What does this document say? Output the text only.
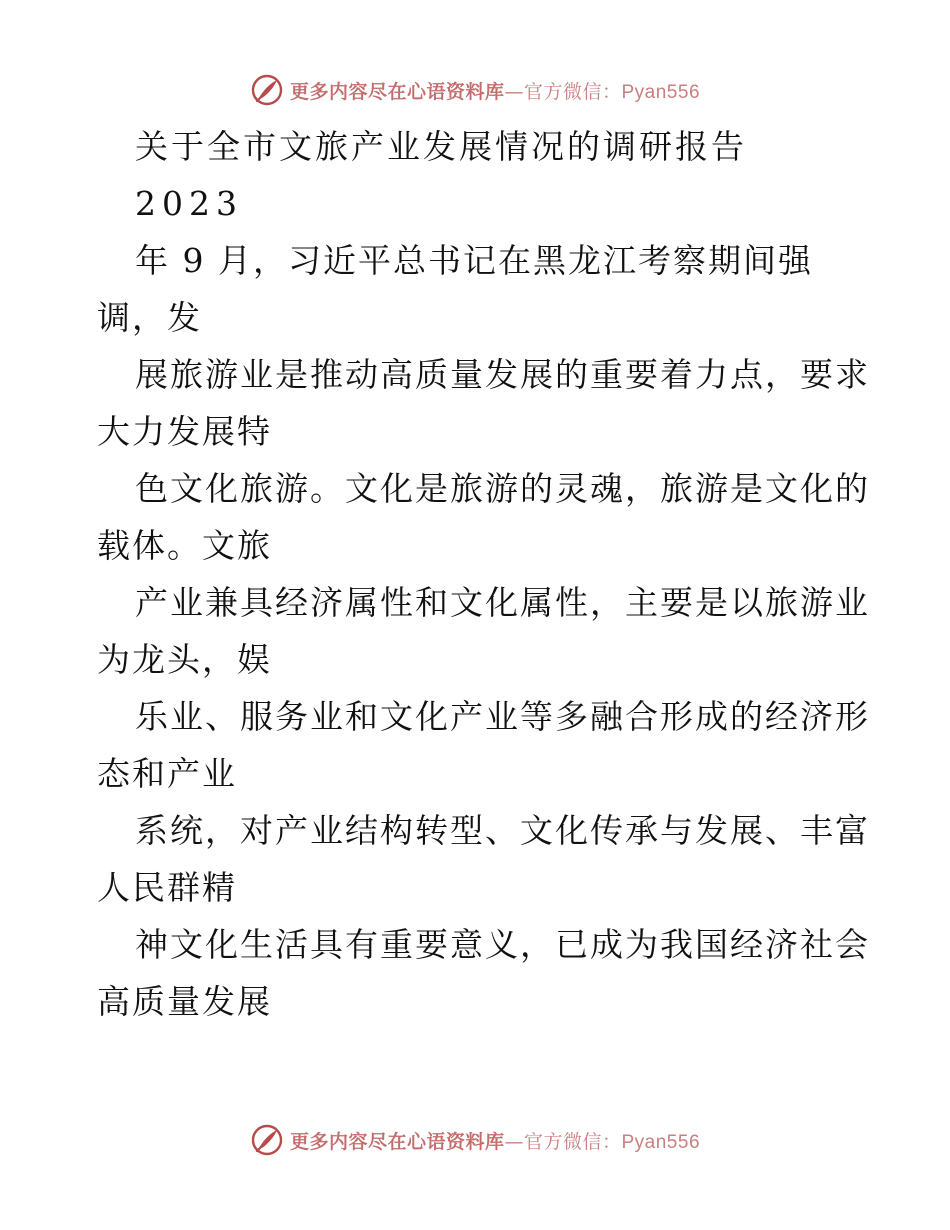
更多内容尽在心语资料库—官方微信：Pyan556
关于全市文旅产业发展情况的调研报告
2023
年 9 月，习近平总书记在黑龙江考察期间强
调，发
展旅游业是推动高质量发展的重要着力点，要求
大力发展特
色文化旅游。文化是旅游的灵魂，旅游是文化的
载体。文旅
产业兼具经济属性和文化属性，主要是以旅游业
为龙头，娱
乐业、服务业和文化产业等多融合形成的经济形
态和产业
系统，对产业结构转型、文化传承与发展、丰富
人民群精
神文化生活具有重要意义，已成为我国经济社会
高质量发展
更多内容尽在心语资料库—官方微信：Pyan556
